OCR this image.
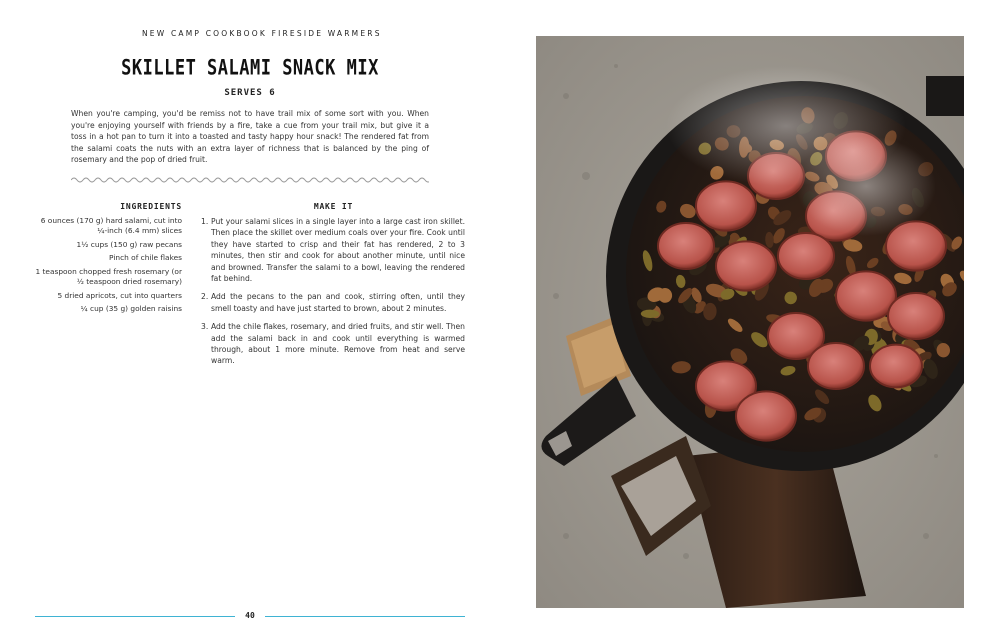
NEW CAMP COOKBOOK FIRESIDE WARMERS
SKILLET SALAMI SNACK MIX
SERVES 6
When you're camping, you'd be remiss not to have trail mix of some sort with you. When you're enjoying yourself with friends by a fire, take a cue from your trail mix, but give it a toss in a hot pan to turn it into a toasted and tasty happy hour snack! The rendered fat from the salami coats the nuts with an extra layer of richness that is balanced by the ping of rosemary and the pop of dried fruit.
INGREDIENTS
6 ounces (170 g) hard salami, cut into ¼-inch (6.4 mm) slices
1½ cups (150 g) raw pecans
Pinch of chile flakes
1 teaspoon chopped fresh rosemary (or ½ teaspoon dried rosemary)
5 dried apricots, cut into quarters
¼ cup (35 g) golden raisins
MAKE IT
1. Put your salami slices in a single layer into a large cast iron skillet. Then place the skillet over medium coals over your fire. Cook until they have started to crisp and their fat has rendered, 2 to 3 minutes, then stir and cook for about another minute, until nice and browned. Transfer the salami to a bowl, leaving the rendered fat behind.
2. Add the pecans to the pan and cook, stirring often, until they smell toasty and have just started to brown, about 2 minutes.
3. Add the chile flakes, rosemary, and dried fruits, and stir well. Then add the salami back in and cook until everything is warmed through, about 1 more minute. Remove from heat and serve warm.
40
